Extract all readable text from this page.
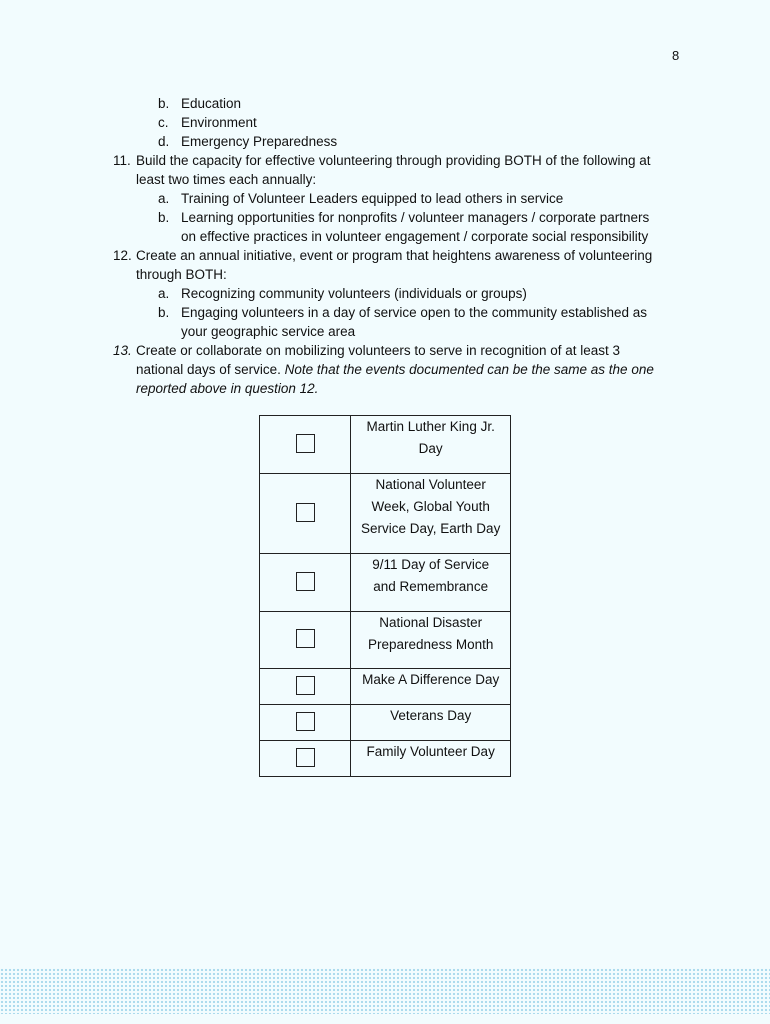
8
b. Education
c. Environment
d. Emergency Preparedness
11. Build the capacity for effective volunteering through providing BOTH of the following at
least two times each annually:
a. Training of Volunteer Leaders equipped to lead others in service
b. Learning opportunities for nonprofits / volunteer managers / corporate partners
on effective practices in volunteer engagement / corporate social responsibility
12. Create an annual initiative, event or program that heightens awareness of volunteering
through BOTH:
a. Recognizing community volunteers (individuals or groups)
b. Engaging volunteers in a day of service open to the community established as
your geographic service area
13. Create or collaborate on mobilizing volunteers to serve in recognition of at least 3
national days of service. Note that the events documented can be the same as the one
reported above in question 12.

	Martin Luther King Jr.
Day

	National Volunteer
Week, Global Youth
Service Day, Earth Day

	9/11 Day of Service
and Remembrance

	National Disaster
Preparedness Month

	Make A Difference Day

	Veterans Day

	Family Volunteer Day
